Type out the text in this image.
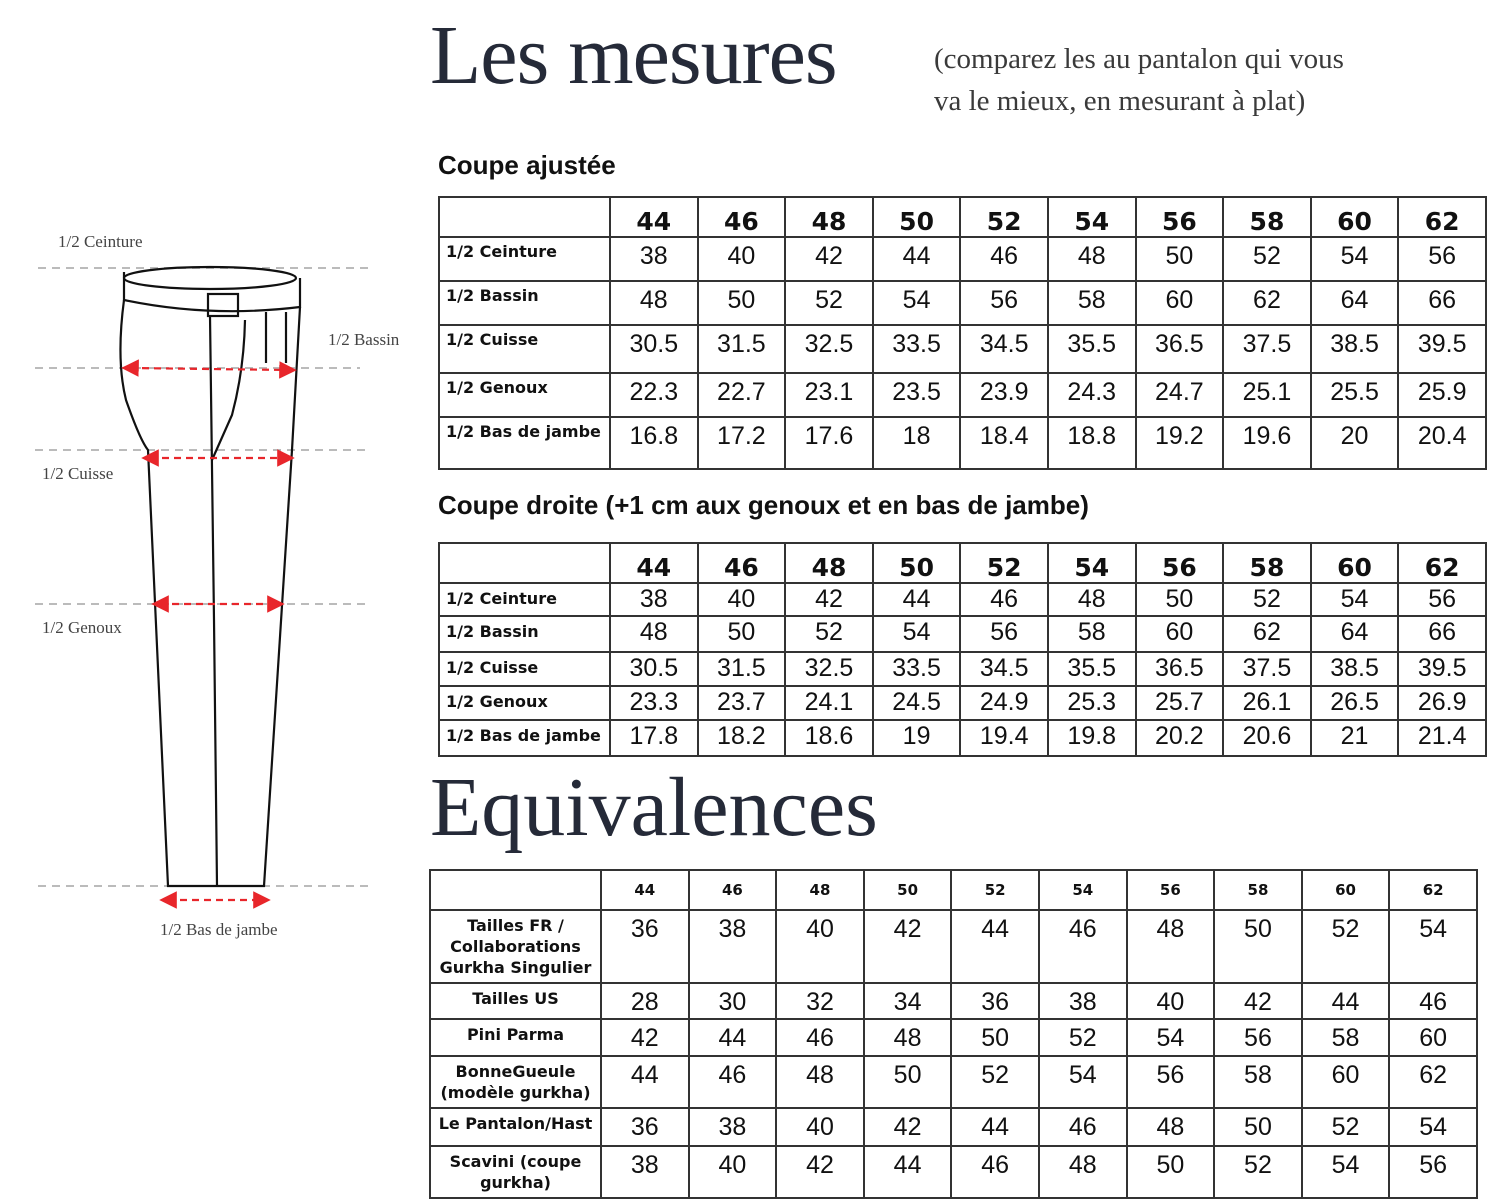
Les mesures	(comparez les au pantalon qui vous
va le mieux, en mesurant à plat)
1/2 Ceinture
1/2 Bassin
1/2 Cuisse
1/2 Genoux
1/2 Bas de jambe
Coupe ajustée
	44	46	48	50	52	54	56	58	60	62
1/2 Ceinture	38	40	42	44	46	48	50	52	54	56
1/2 Bassin	48	50	52	54	56	58	60	62	64	66
1/2 Cuisse	30.5	31.5	32.5	33.5	34.5	35.5	36.5	37.5	38.5	39.5
1/2 Genoux	22.3	22.7	23.1	23.5	23.9	24.3	24.7	25.1	25.5	25.9
1/2 Bas de jambe	16.8	17.2	17.6	18	18.4	18.8	19.2	19.6	20	20.4
Coupe droite (+1 cm aux genoux et en bas de jambe)
	44	46	48	50	52	54	56	58	60	62
1/2 Ceinture	38	40	42	44	46	48	50	52	54	56
1/2 Bassin	48	50	52	54	56	58	60	62	64	66
1/2 Cuisse	30.5	31.5	32.5	33.5	34.5	35.5	36.5	37.5	38.5	39.5
1/2 Genoux	23.3	23.7	24.1	24.5	24.9	25.3	25.7	26.1	26.5	26.9
1/2 Bas de jambe	17.8	18.2	18.6	19	19.4	19.8	20.2	20.6	21	21.4
Equivalences
	44	46	48	50	52	54	56	58	60	62
Tailles FR / Collaborations Gurkha Singulier	36	38	40	42	44	46	48	50	52	54
Tailles US	28	30	32	34	36	38	40	42	44	46
Pini Parma	42	44	46	48	50	52	54	56	58	60
BonneGueule (modèle gurkha)	44	46	48	50	52	54	56	58	60	62
Le Pantalon/Hast	36	38	40	42	44	46	48	50	52	54
Scavini (coupe gurkha)	38	40	42	44	46	48	50	52	54	56
